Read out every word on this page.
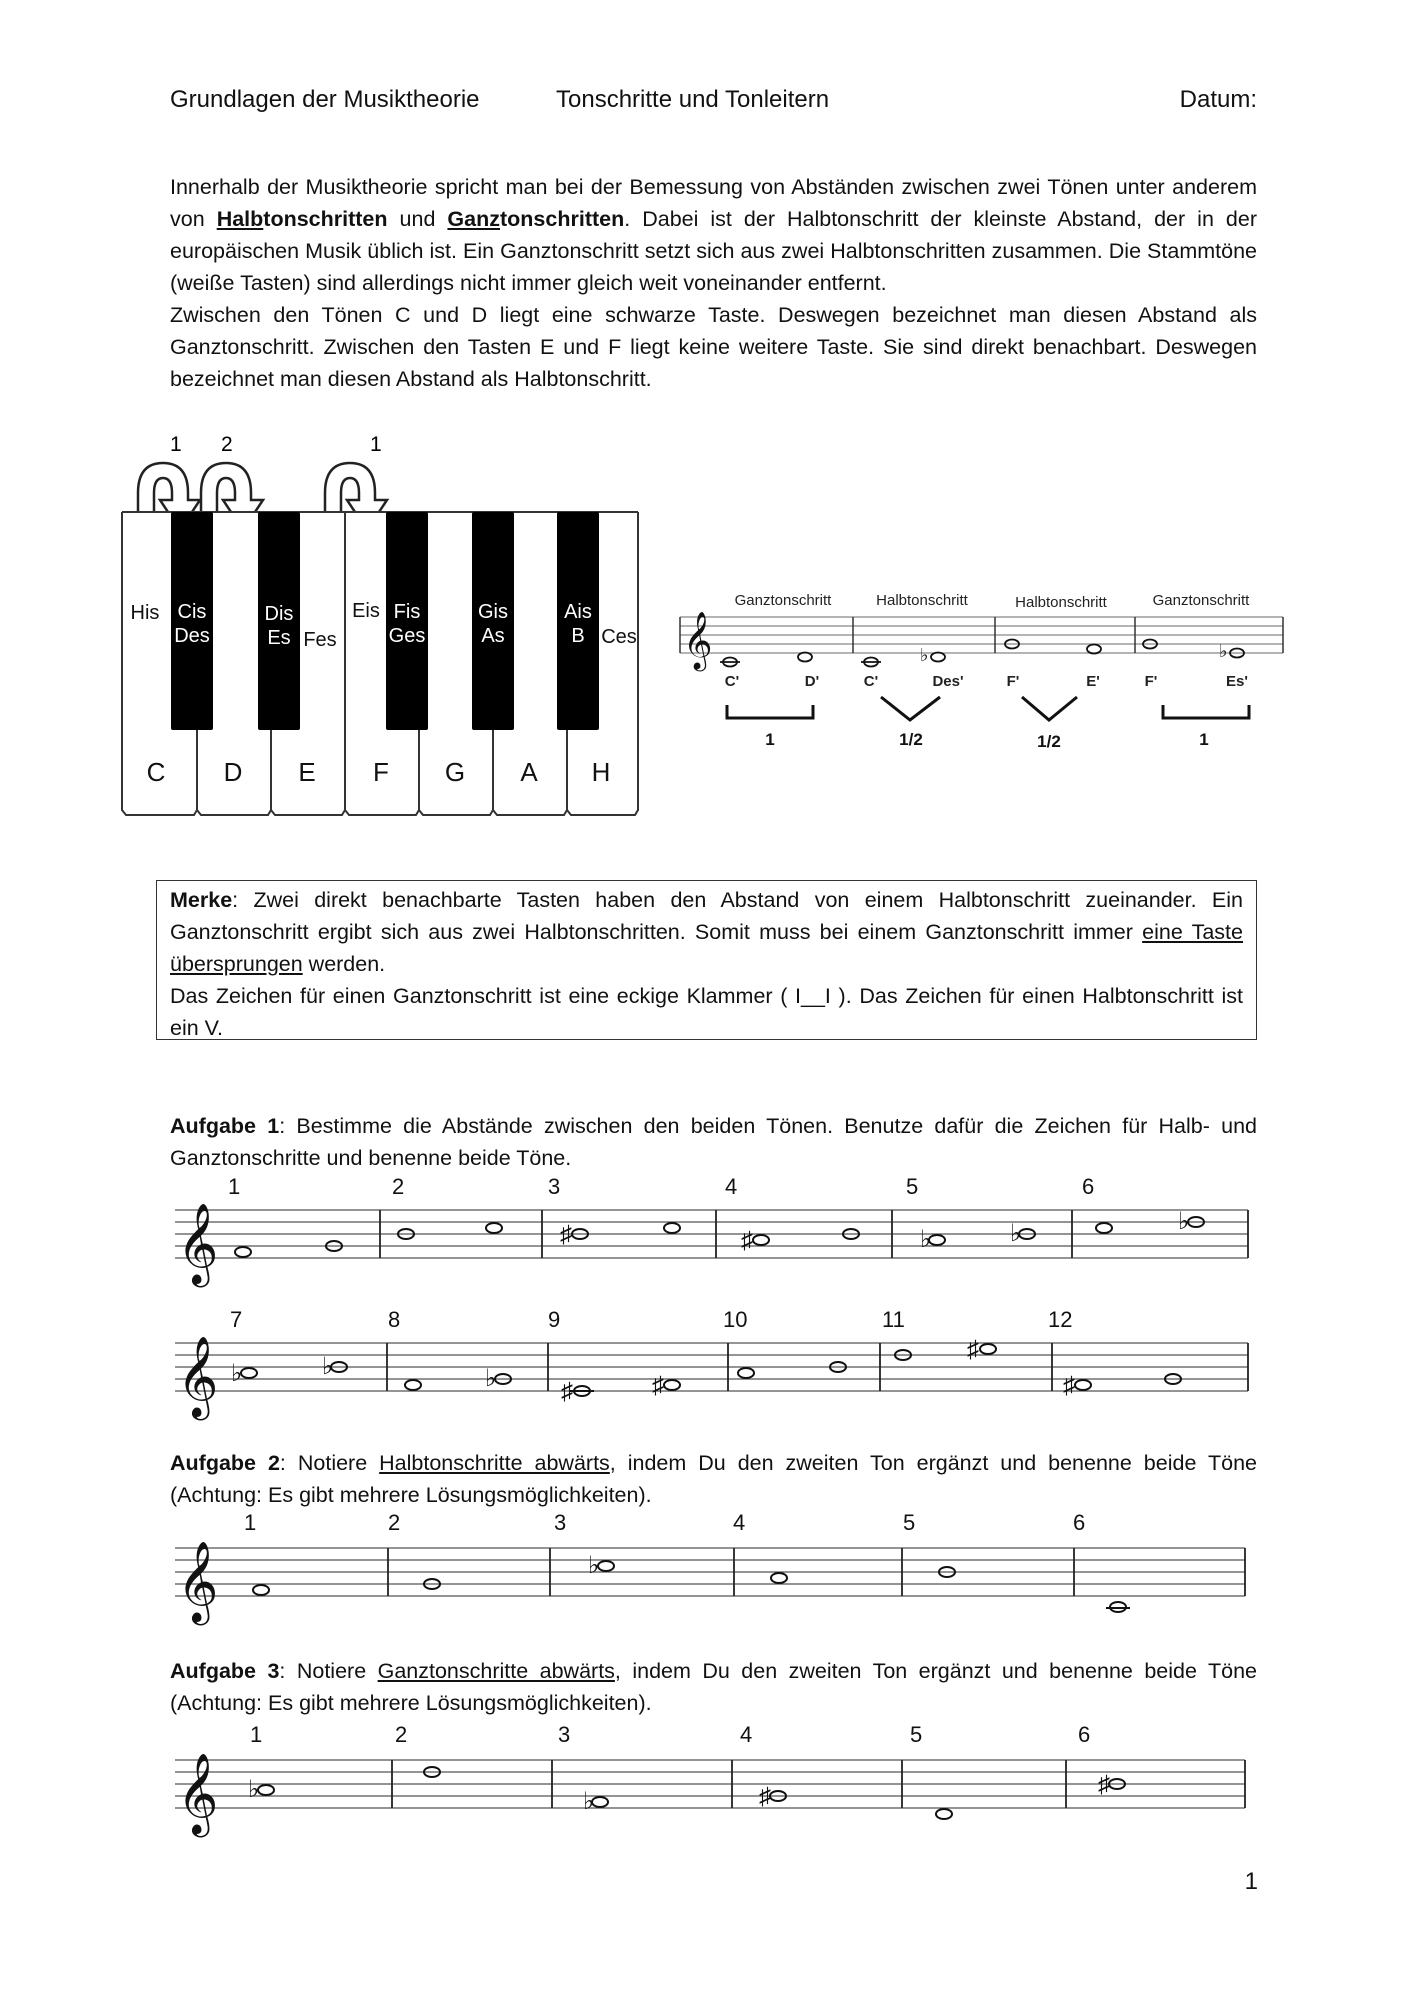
Grundlagen der Musiktheorie	Tonschritte und Tonleitern	Datum:

Innerhalb der Musiktheorie spricht man bei der Bemessung von Abständen zwischen zwei Tönen unter anderem von Halbtonschritten und Ganztonschritten. Dabei ist der Halbtonschritt der kleinste Abstand, der in der europäischen Musik üblich ist. Ein Ganztonschritt setzt sich aus zwei Halbtonschritten zusammen. Die Stammtöne (weiße Tasten) sind allerdings nicht immer gleich weit voneinander entfernt.

Zwischen den Tönen C und D liegt eine schwarze Taste. Deswegen bezeichnet man diesen Abstand als Ganztonschritt. Zwischen den Tasten E und F liegt keine weitere Taste. Sie sind direkt benachbart. Deswegen bezeichnet man diesen Abstand als Halbtonschritt.

1 2	1
Cis
Des
Dis
Es
Fis
Ges
Gis
As
Ais
B
His
Fes
Eis
Ces
C D E F G A H
Ganztonschritt	Halbtonschritt	Halbtonschritt	Ganztonschritt
𝄞	♭	♭
C'	D'	C'	Des'	F'	E'	F'	Es'
1	1/2	1/2	1

Merke: Zwei direkt benachbarte Tasten haben den Abstand von einem Halbtonschritt zueinander. Ein Ganztonschritt ergibt sich aus zwei Halbtonschritten. Somit muss bei einem Ganztonschritt immer eine Taste übersprungen werden.

Das Zeichen für einen Ganztonschritt ist eine eckige Klammer ( I__I ). Das Zeichen für einen Halbtonschritt ist ein V.

Aufgabe 1: Bestimme die Abstände zwischen den beiden Tönen. Benutze dafür die Zeichen für Halb- und Ganztonschritte und benenne beide Töne.

1	2	3	4	5	6
𝄞	♯	♯	♭	♭	♭
7	8	9	10	11	12
𝄞 ♭	♭	♭	♯	♯
♯
♯

Aufgabe 2: Notiere Halbtonschritte abwärts, indem Du den zweiten Ton ergänzt und benenne beide Töne (Achtung: Es gibt mehrere Lösungsmöglichkeiten).

1	2	3	4	5	6
𝄞	♭

Aufgabe 3: Notiere Ganztonschritte abwärts, indem Du den zweiten Ton ergänzt und benenne beide Töne (Achtung: Es gibt mehrere Lösungsmöglichkeiten).

1	2	3	4	5	6
𝄞 ♭	♭	♯	♯
1
